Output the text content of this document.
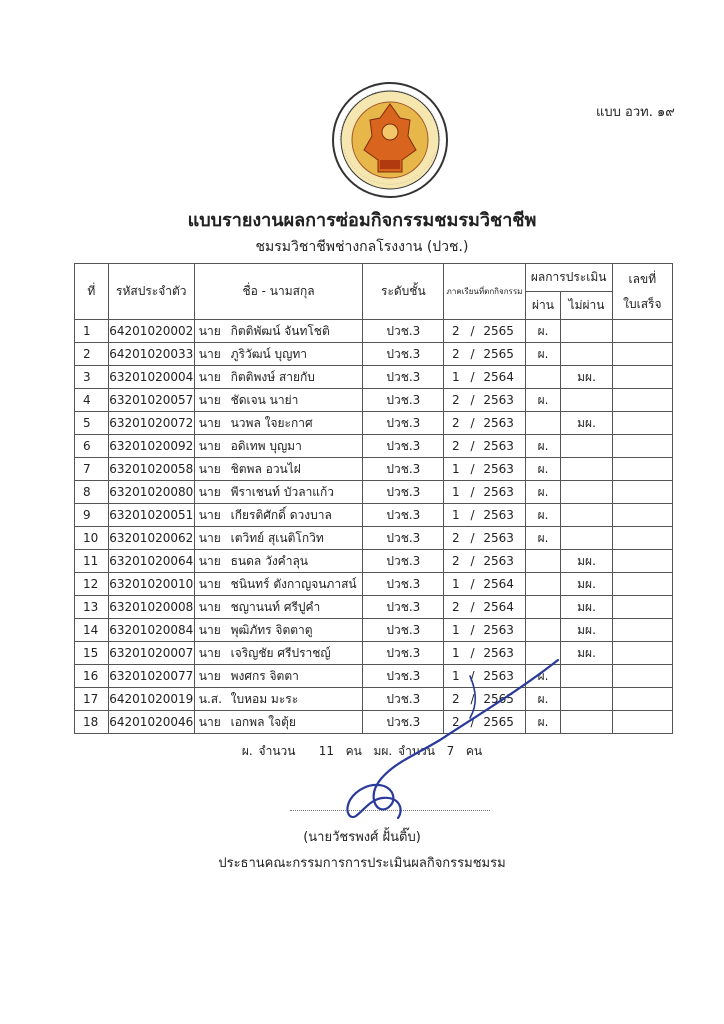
แบบ อวท. ๑๙
แบบรายงานผลการซ่อมกิจกรรมชมรมวิชาชีพ
ชมรมวิชาชีพช่างกลโรงงาน (ปวช.)
ที่	รหัสประจำตัว	ชื่อ - นามสกุล		ระดับชั้น	ภาคเรียนที่ตกกิจกรรม			ผลการประเมิน		เลขที่
ใบเสร็จ

								ผ่าน	ไม่ผ่าน	
1	64201020002	นาย	กิตติพัฒน์ จันทโชติ	ปวช.3	2	/	2565	ผ.		
2	64201020033	นาย	ภูริวัฒน์ บุญทา	ปวช.3	2	/	2565	ผ.		
3	63201020004	นาย	กิตติพงษ์ สายกับ	ปวช.3	1	/	2564		มผ.	
4	63201020057	นาย	ชัดเจน นาย่า	ปวช.3	2	/	2563	ผ.		
5	63201020072	นาย	นวพล ใจยะกาศ	ปวช.3	2	/	2563		มผ.	
6	63201020092	นาย	อดิเทพ บุญมา	ปวช.3	2	/	2563	ผ.		
7	63201020058	นาย	ชิตพล อวนไฝ	ปวช.3	1	/	2563	ผ.		
8	63201020080	นาย	พีราเชนท์ บัวลาแก้ว	ปวช.3	1	/	2563	ผ.		
9	63201020051	นาย	เกียรติศักดิ์ ดวงบาล	ปวช.3	1	/	2563	ผ.		
10	63201020062	นาย	เตวิทย์ สุเนติโกวิท	ปวช.3	2	/	2563	ผ.		
11	63201020064	นาย	ธนดล วังคำลุน	ปวช.3	2	/	2563		มผ.	
12	63201020010	นาย	ชนินทร์ ตังกาญจนภาสน์	ปวช.3	1	/	2564		มผ.	
13	63201020008	นาย	ชญานนท์ ศรีปูคำ	ปวช.3	2	/	2564		มผ.	
14	63201020084	นาย	พุฒิภัทร จิตตาตู	ปวช.3	1	/	2563		มผ.	
15	63201020007	นาย	เจริญชัย ศรีปราชญ์	ปวช.3	1	/	2563		มผ.	
16	63201020077	นาย	พงศกร จิตตา	ปวช.3	1	/	2563	ผ.		
17	64201020019	น.ส.	ใบหอม มะระ	ปวช.3	2	/	2565	ผ.		
18	64201020046	นาย	เอกพล ใจตุ้ย	ปวช.3	2	/	2565	ผ.		
ผ. จำนวน    11  คน  มผ. จำนวน  7  คน
(นายวัชรพงศ์ ฝั้นติ๊บ)
ประธานคณะกรรมการการประเมินผลกิจกรรมชมรม
